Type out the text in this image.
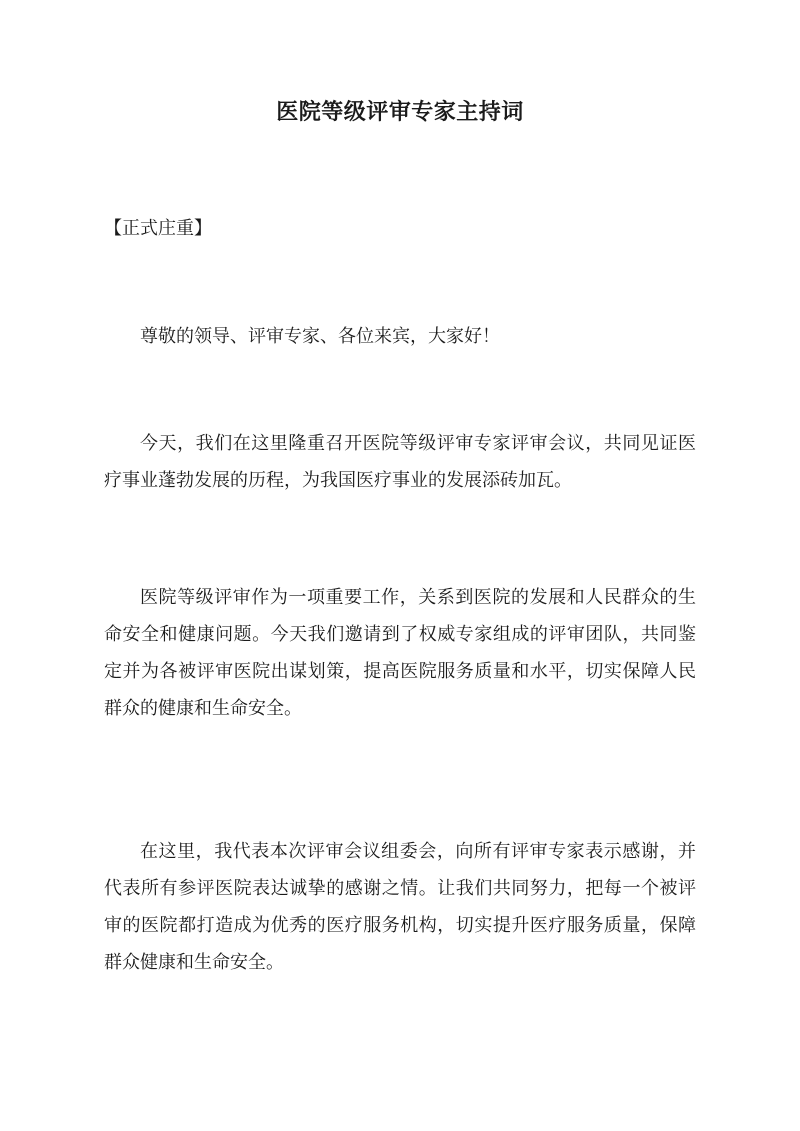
医院等级评审专家主持词
【正式庄重】

尊敬的领导、评审专家、各位来宾，大家好！

今天，我们在这里隆重召开医院等级评审专家评审会议，共同见证医疗事业蓬勃发展的历程，为我国医疗事业的发展添砖加瓦。

医院等级评审作为一项重要工作，关系到医院的发展和人民群众的生命安全和健康问题。今天我们邀请到了权威专家组成的评审团队，共同鉴定并为各被评审医院出谋划策，提高医院服务质量和水平，切实保障人民群众的健康和生命安全。

在这里，我代表本次评审会议组委会，向所有评审专家表示感谢，并代表所有参评医院表达诚挚的感谢之情。让我们共同努力，把每一个被评审的医院都打造成为优秀的医疗服务机构，切实提升医疗服务质量，保障群众健康和生命安全。
